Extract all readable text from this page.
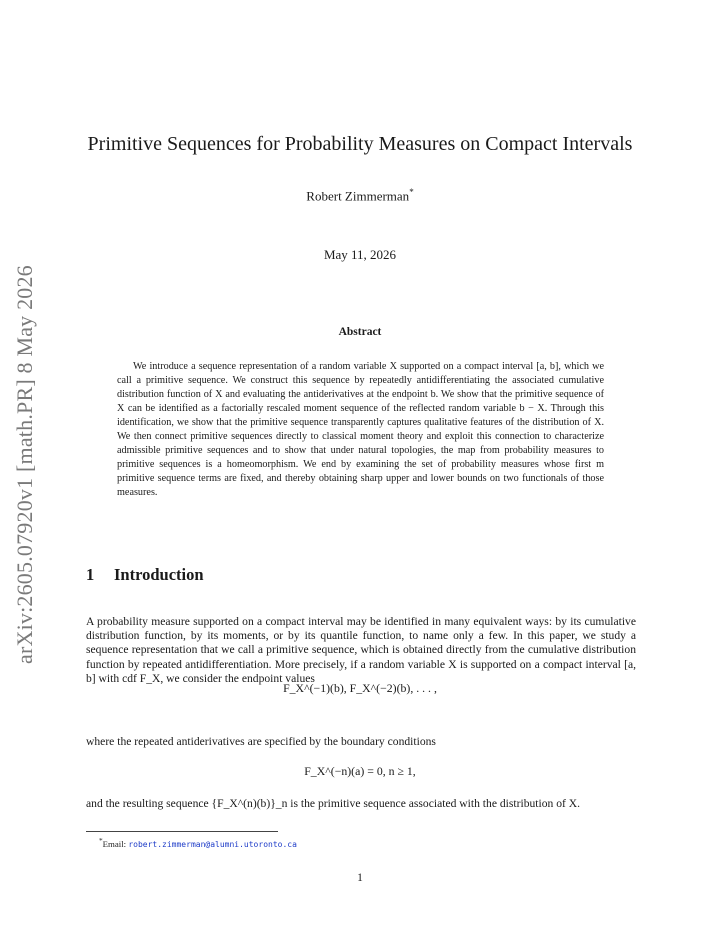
arXiv:2605.07920v1 [math.PR] 8 May 2026
Primitive Sequences for Probability Measures on Compact Intervals
Robert Zimmerman*
May 11, 2026
Abstract
We introduce a sequence representation of a random variable X supported on a compact interval [a, b], which we call a primitive sequence. We construct this sequence by repeatedly antidifferentiating the associated cumulative distribution function of X and evaluating the antiderivatives at the endpoint b. We show that the primitive sequence of X can be identified as a factorially rescaled moment sequence of the reflected random variable b − X. Through this identification, we show that the primitive sequence transparently captures qualitative features of the distribution of X. We then connect primitive sequences directly to classical moment theory and exploit this connection to characterize admissible primitive sequences and to show that under natural topologies, the map from probability measures to primitive sequences is a homeomorphism. We end by examining the set of probability measures whose first m primitive sequence terms are fixed, and thereby obtaining sharp upper and lower bounds on two functionals of those measures.
1 Introduction
A probability measure supported on a compact interval may be identified in many equivalent ways: by its cumulative distribution function, by its moments, or by its quantile function, to name only a few. In this paper, we study a sequence representation that we call a primitive sequence, which is obtained directly from the cumulative distribution function by repeated antidifferentiation. More precisely, if a random variable X is supported on a compact interval [a, b] with cdf F_X, we consider the endpoint values
F_X^(−1)(b), F_X^(−2)(b), . . . ,
where the repeated antiderivatives are specified by the boundary conditions
F_X^(−n)(a) = 0, n ≥ 1,
and the resulting sequence {F_X^(n)(b)}_n is the primitive sequence associated with the distribution of X.
*Email: robert.zimmerman@alumni.utoronto.ca
1
